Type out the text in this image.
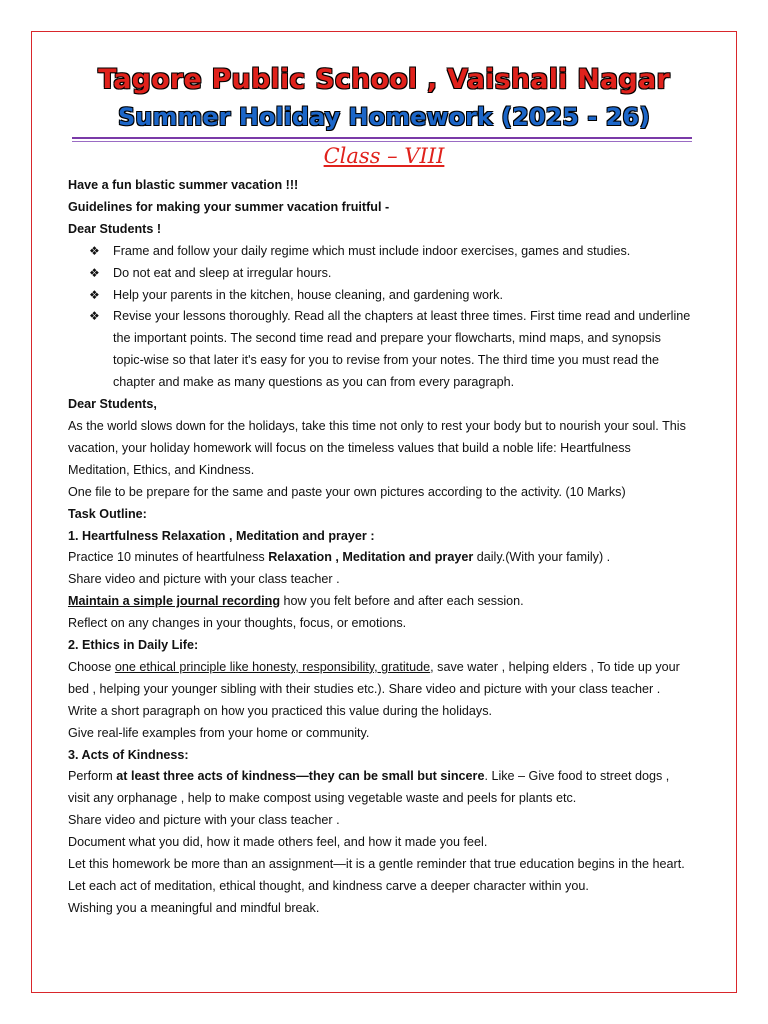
Tagore Public School , Vaishali Nagar
Summer Holiday Homework (2025 - 26)
Class – VIII

Have a fun blastic summer vacation !!!

Guidelines for making your summer vacation fruitful -

Dear Students !

❖ Frame and follow your daily regime which must include indoor exercises, games and studies.
❖ Do not eat and sleep at irregular hours.
❖ Help your parents in the kitchen, house cleaning, and gardening work.
❖ Revise your lessons thoroughly. Read all the chapters at least three times. First time read and underline the important points. The second time read and prepare your flowcharts, mind maps, and synopsis topic-wise so that later it's easy for you to revise from your notes. The third time you must read the chapter and make as many questions as you can from every paragraph.

Dear Students,

As the world slows down for the holidays, take this time not only to rest your body but to nourish your soul. This vacation, your holiday homework will focus on the timeless values that build a noble life: Heartfulness Meditation, Ethics, and Kindness.

One file to be prepare for the same and paste your own pictures according to the activity. (10 Marks)

Task Outline:

1. Heartfulness Relaxation , Meditation and prayer :

Practice 10 minutes of heartfulness Relaxation , Meditation and prayer daily.(With your family) .

Share video and picture with your class teacher .

Maintain a simple journal recording how you felt before and after each session.

Reflect on any changes in your thoughts, focus, or emotions.

2. Ethics in Daily Life:

Choose one ethical principle like honesty, responsibility, gratitude, save water , helping elders , To tide up your bed , helping your younger sibling with their studies etc.). Share video and picture with your class teacher .

Write a short paragraph on how you practiced this value during the holidays.

Give real-life examples from your home or community.

3. Acts of Kindness:

Perform at least three acts of kindness—they can be small but sincere. Like – Give food to street dogs , visit any orphanage , help to make compost using vegetable waste and peels for plants etc.

Share video and picture with your class teacher .

Document what you did, how it made others feel, and how it made you feel.

Let this homework be more than an assignment—it is a gentle reminder that true education begins in the heart. Let each act of meditation, ethical thought, and kindness carve a deeper character within you.

Wishing you a meaningful and mindful break.
